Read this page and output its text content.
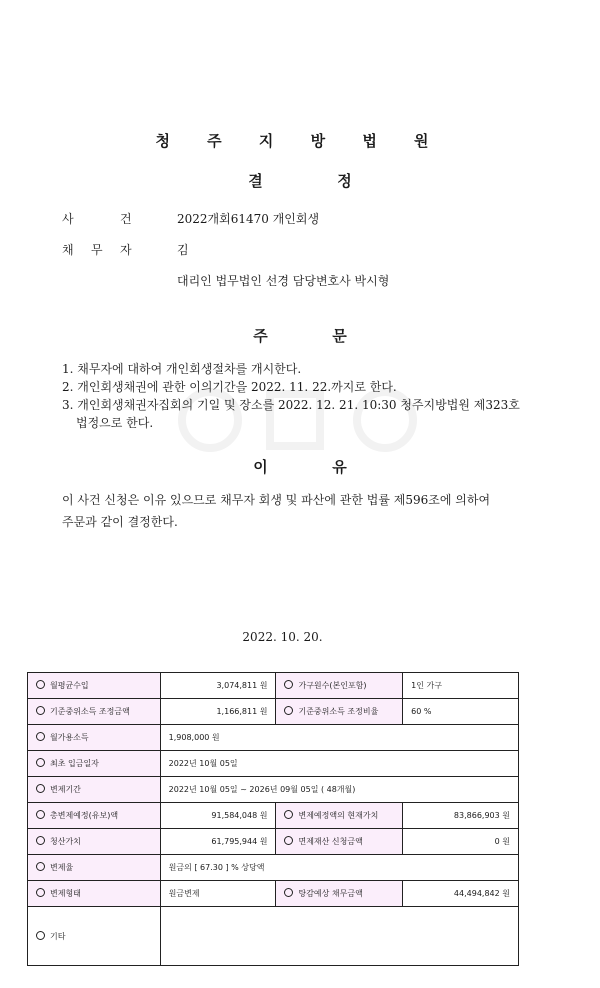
청 주 지 방 법 원
결	정
사	건	2022개회61470 개인회생
채 무 자	김
대리인 법무법인 선경 담당변호사 박시형
주	문
1. 채무자에 대하여 개인회생절차를 개시한다.
2. 개인회생채권에 관한 이의기간을 2022. 11. 22.까지로 한다.
3. 개인회생채권자집회의 기일 및 장소를 2022. 12. 21. 10:30 청주지방법원 제323호
법정으로 한다.
이	유
이 사건 신청은 이유 있으므로 채무자 회생 및 파산에 관한 법률 제596조에 의하여
주문과 같이 결정한다.
2022. 10. 20.
월평균수입	3,074,811 원	가구원수(본인포함)	1인 가구
기준중위소득 조정금액	1,166,811 원	기준중위소득 조정비율	60 %
월가용소득	1,908,000 원		
최초 입금일자	2022년 10월 05일		
변제기간	2022년 10월 05일 ~ 2026년 09월 05일 ( 48개월)		
총변제예정(유보)액	91,584,048 원	변제예정액의 현재가치	83,866,903 원
청산가치	61,795,944 원	면제재산 신청금액	0 원
변제율	원금의 [ 67.30 ] % 상당액		
변제형태	원금변제	탕감예상 채무금액	44,494,842 원
기타			
